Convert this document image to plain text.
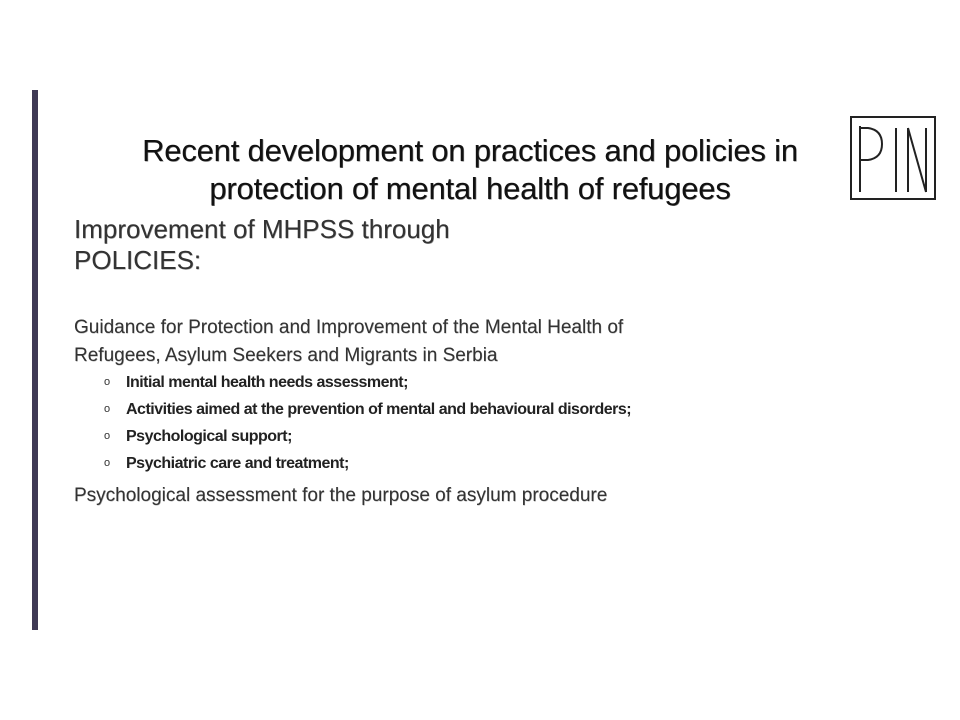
Recent development on practices and policies in
protection of mental health of refugees
Improvement of MHPSS through
POLICIES:
Guidance for Protection and Improvement of the Mental Health of
Refugees, Asylum Seekers and Migrants in Serbia
o Initial mental health needs assessment;
o Activities aimed at the prevention of mental and behavioural disorders;
o Psychological support;
o Psychiatric care and treatment;
Psychological assessment for the purpose of asylum procedure
